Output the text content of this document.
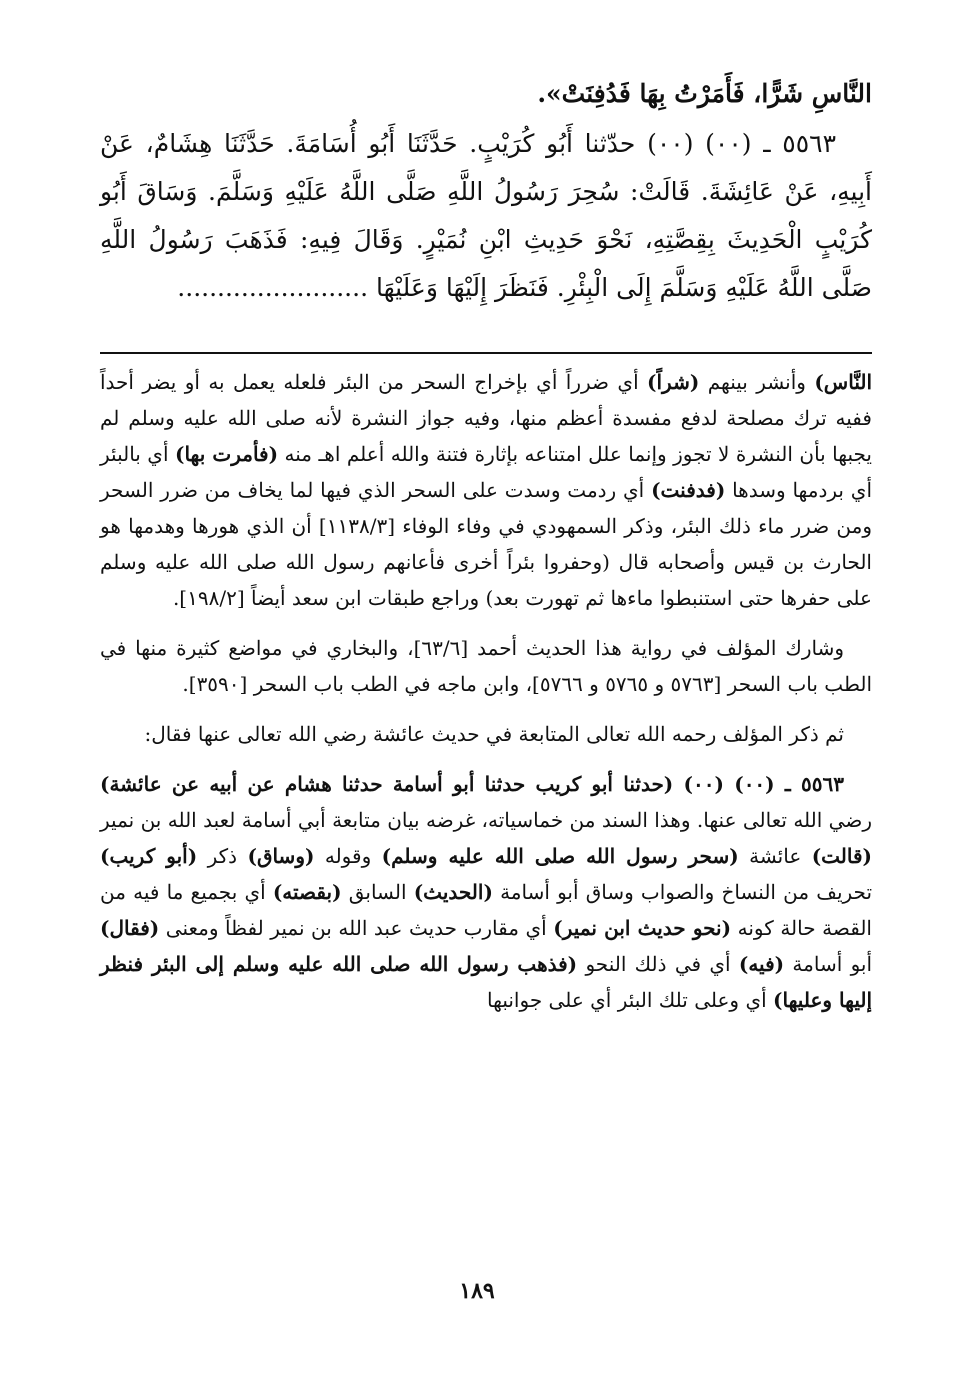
النَّاسِ شَرًّا، فَأَمَرْتُ بِهَا فَدُفِنَتْ».

٥٥٦٣ ـ (٠٠) (٠٠) حدّثنا أَبُو كُرَيْبٍ. حَدَّثَنَا أَبُو أُسَامَةَ. حَدَّثَنَا هِشَامٌ، عَنْ أَبِيهِ، عَنْ عَائِشَةَ. قَالَتْ: سُحِرَ رَسُولُ اللَّهِ صَلَّى اللَّهُ عَلَيْهِ وَسَلَّمَ. وَسَاقَ أَبُو كُرَيْبٍ الْحَدِيثَ بِقِصَّتِهِ، نَحْوَ حَدِيثِ ابْنِ نُمَيْرٍ. وَقَالَ فِيهِ: فَذَهَبَ رَسُولُ اللَّهِ صَلَّى اللَّهُ عَلَيْهِ وَسَلَّمَ إِلَى الْبِئْرِ. فَنَظَرَ إِلَيْهَا وَعَلَيْهَا ........................

النَّاس) وأنشر بينهم (شراً) أي ضرراً أي بإخراج السحر من البئر فلعله يعمل به أو يضر أحداً ففيه ترك مصلحة لدفع مفسدة أعظم منها، وفيه جواز النشرة لأنه صلى الله عليه وسلم لم يجبها بأن النشرة لا تجوز وإنما علل امتناعه بإثارة فتنة والله أعلم اهـ منه (فأمرت بها) أي بالبئر أي بردمها وسدها (فدفنت) أي ردمت وسدت على السحر الذي فيها لما يخاف من ضرر السحر ومن ضرر ماء ذلك البئر، وذكر السمهودي في وفاء الوفاء [١١٣٨/٣] أن الذي هورها وهدمها هو الحارث بن قيس وأصحابه قال (وحفروا بئراً أخرى فأعانهم رسول الله صلى الله عليه وسلم على حفرها حتى استنبطوا ماءها ثم تهورت بعد) وراجع طبقات ابن سعد أيضاً [١٩٨/٢].

وشارك المؤلف في رواية هذا الحديث أحمد [٦٣/٦]، والبخاري في مواضع كثيرة منها في الطب باب السحر [٥٧٦٣ و ٥٧٦٥ و ٥٧٦٦]، وابن ماجه في الطب باب السحر [٣٥٩٠].

ثم ذكر المؤلف رحمه الله تعالى المتابعة في حديث عائشة رضي الله تعالى عنها فقال:

٥٥٦٣ ـ (٠٠) (٠٠) (حدثنا أبو كريب حدثنا أبو أسامة حدثنا هشام عن أبيه عن عائشة) رضي الله تعالى عنها. وهذا السند من خماسياته، غرضه بيان متابعة أبي أسامة لعبد الله بن نمير (قالت) عائشة (سحر رسول الله صلى الله عليه وسلم) وقوله (وساق) ذكر (أبو كريب) تحريف من النساخ والصواب وساق أبو أسامة (الحديث) السابق (بقصته) أي بجميع ما فيه من القصة حالة كونه (نحو حديث ابن نمير) أي مقارب حديث عبد الله بن نمير لفظاً ومعنى (فقال) أبو أسامة (فيه) أي في ذلك النحو (فذهب رسول الله صلى الله عليه وسلم إلى البئر فنظر إليها وعليها) أي وعلى تلك البئر أي على جوانبها

١٨٩
